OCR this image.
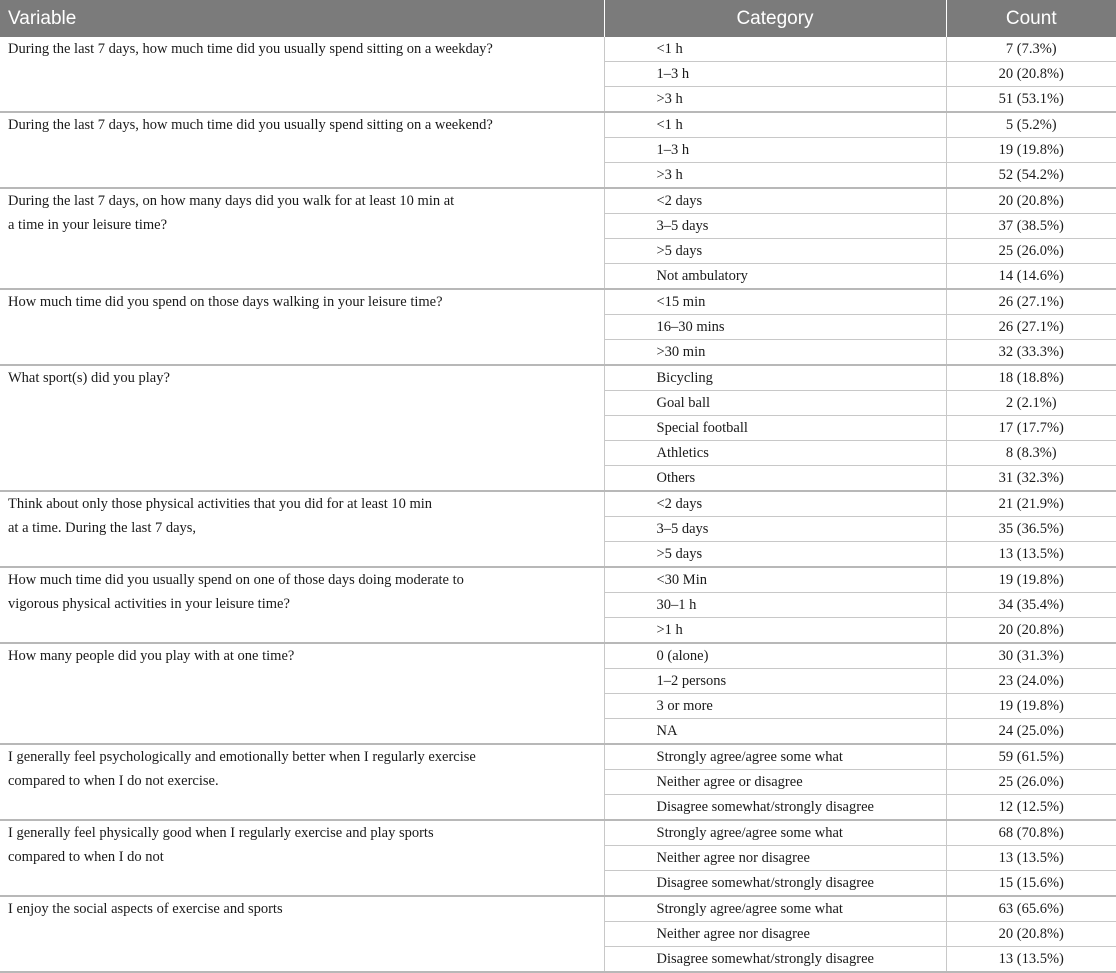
Variable	Category	Count

During the last 7 days, how much time did you usually spend sitting on a weekday?	<1 h	7 (7.3%)
	1–3 h	20 (20.8%)
	>3 h	51 (53.1%)

During the last 7 days, how much time did you usually spend sitting on a weekend?	<1 h	5 (5.2%)
	1–3 h	19 (19.8%)
	>3 h	52 (54.2%)

During the last 7 days, on how many days did you walk for at least 10 min at
a time in your leisure time?	<2 days	20 (20.8%)
	3–5 days	37 (38.5%)
	>5 days	25 (26.0%)
	Not ambulatory	14 (14.6%)

How much time did you spend on those days walking in your leisure time?	<15 min	26 (27.1%)
	16–30 mins	26 (27.1%)
	>30 min	32 (33.3%)

What sport(s) did you play?	Bicycling	18 (18.8%)
	Goal ball	2 (2.1%)
	Special football	17 (17.7%)
	Athletics	8 (8.3%)
	Others	31 (32.3%)

Think about only those physical activities that you did for at least 10 min
at a time. During the last 7 days,	<2 days	21 (21.9%)
	3–5 days	35 (36.5%)
	>5 days	13 (13.5%)

How much time did you usually spend on one of those days doing moderate to
vigorous physical activities in your leisure time?	<30 Min	19 (19.8%)
	30–1 h	34 (35.4%)
	>1 h	20 (20.8%)

How many people did you play with at one time?	0 (alone)	30 (31.3%)
	1–2 persons	23 (24.0%)
	3 or more	19 (19.8%)
	NA	24 (25.0%)

I generally feel psychologically and emotionally better when I regularly exercise
compared to when I do not exercise.	Strongly agree/agree some what	59 (61.5%)
	Neither agree or disagree	25 (26.0%)
	Disagree somewhat/strongly disagree	12 (12.5%)

I generally feel physically good when I regularly exercise and play sports
compared to when I do not	Strongly agree/agree some what	68 (70.8%)
	Neither agree nor disagree	13 (13.5%)
	Disagree somewhat/strongly disagree	15 (15.6%)

I enjoy the social aspects of exercise and sports	Strongly agree/agree some what	63 (65.6%)
	Neither agree nor disagree	20 (20.8%)
	Disagree somewhat/strongly disagree	13 (13.5%)
